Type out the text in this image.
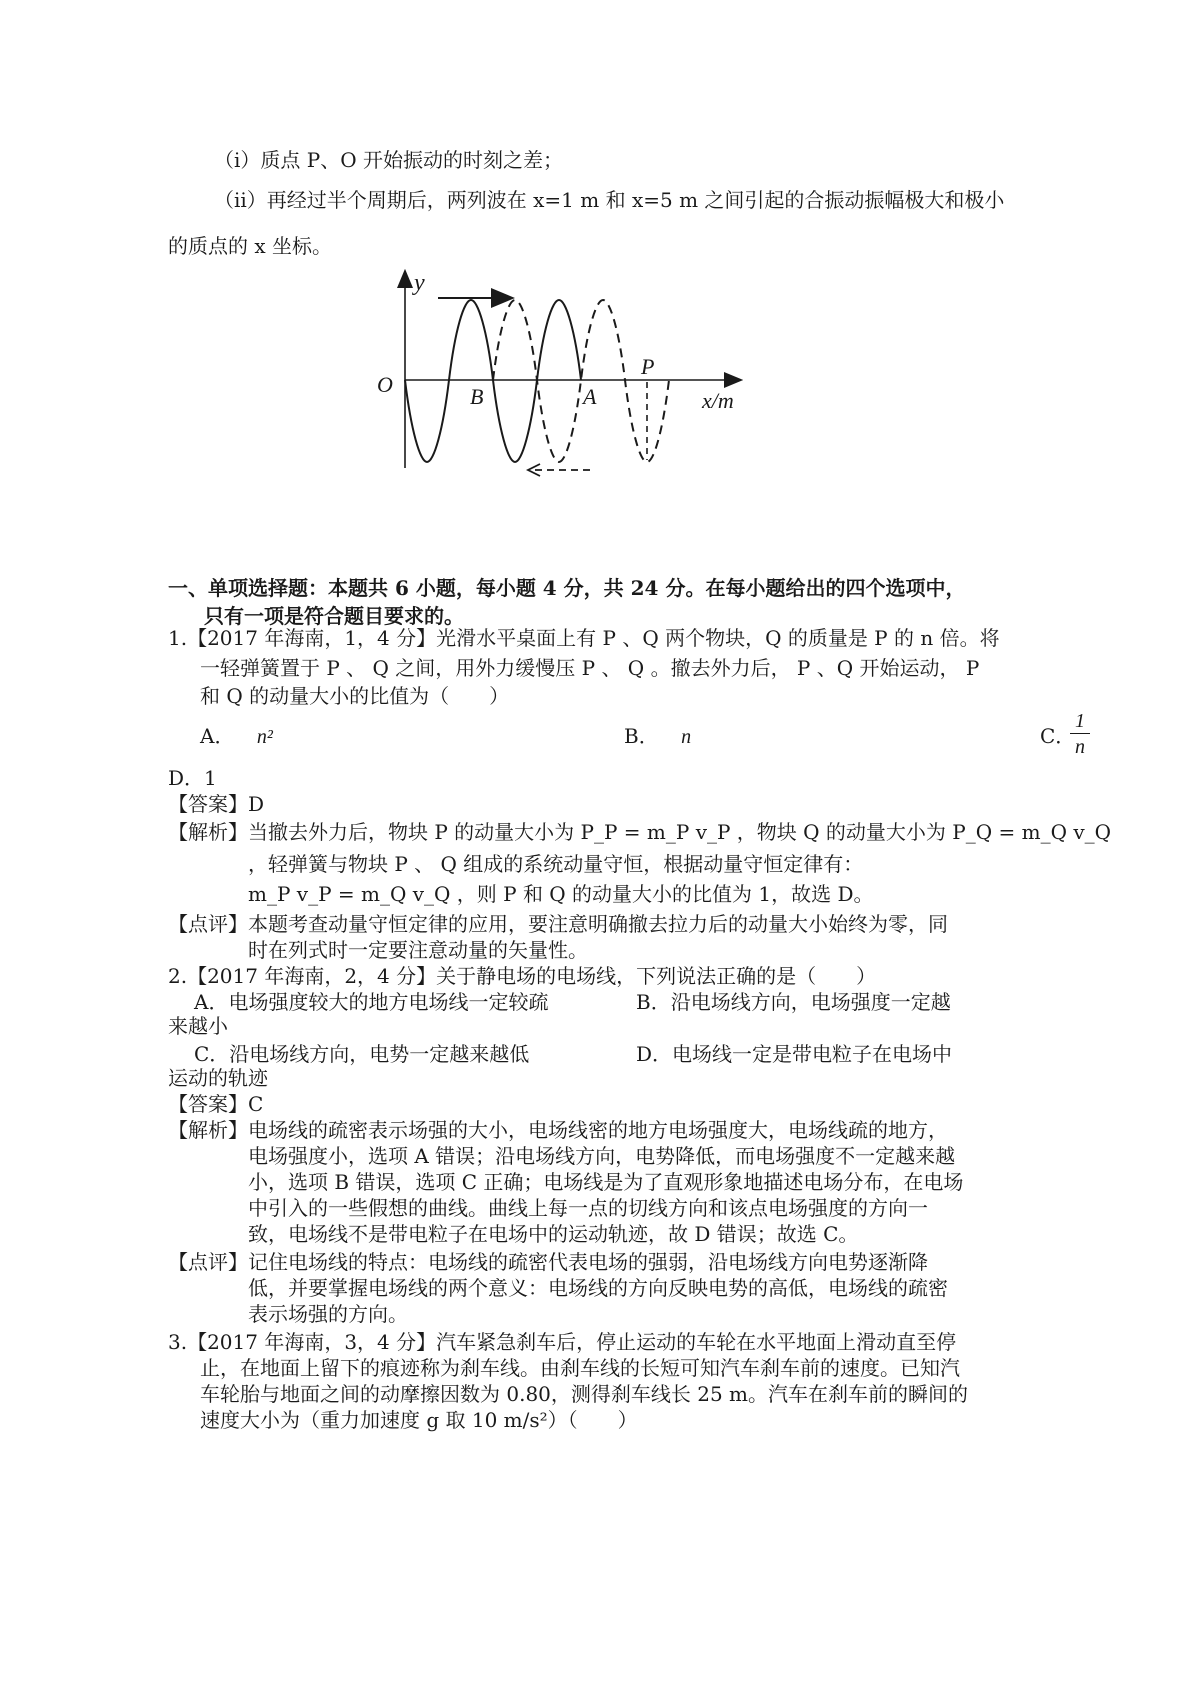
（i）质点 P、O 开始振动的时刻之差；
（ii）再经过半个周期后，两列波在 x=1 m 和 x=5 m 之间引起的合振动振幅极大和极小
的质点的 x 坐标。
y
O
x/m
B	A
P
一、单项选择题：本题共 6 小题，每小题 4 分，共 24 分。在每小题给出的四个选项中，
只有一项是符合题目要求的。
1.【2017 年海南，1，4 分】光滑水平桌面上有 P 、Q 两个物块，Q 的质量是 P 的 n 倍。将
一轻弹簧置于 P 、 Q 之间，用外力缓慢压 P 、 Q 。撤去外力后， P 、Q 开始运动， P
和 Q 的动量大小的比值为（　　）
A． n²	B． n	C．
1
n
D．1
【答案】D
【解析】 当撤去外力后，物块 P 的动量大小为 P_P = m_P v_P ，物块 Q 的动量大小为 P_Q = m_Q v_Q
，轻弹簧与物块 P 、 Q 组成的系统动量守恒，根据动量守恒定律有：
m_P v_P = m_Q v_Q ，则 P 和 Q 的动量大小的比值为 1，故选 D。
【点评】 本题考查动量守恒定律的应用，要注意明确撤去拉力后的动量大小始终为零，同
时在列式时一定要注意动量的矢量性。
2.【2017 年海南，2，4 分】关于静电场的电场线，下列说法正确的是（　　）
A．电场强度较大的地方电场线一定较疏	B．沿电场线方向，电场强度一定越
来越小
C．沿电场线方向，电势一定越来越低	D．电场线一定是带电粒子在电场中
运动的轨迹
【答案】C
【解析】 电场线的疏密表示场强的大小，电场线密的地方电场强度大，电场线疏的地方，
电场强度小，选项 A 错误；沿电场线方向，电势降低，而电场强度不一定越来越
小，选项 B 错误，选项 C 正确；电场线是为了直观形象地描述电场分布，在电场
中引入的一些假想的曲线。曲线上每一点的切线方向和该点电场强度的方向一
致，电场线不是带电粒子在电场中的运动轨迹，故 D 错误；故选 C。
【点评】 记住电场线的特点：电场线的疏密代表电场的强弱，沿电场线方向电势逐渐降
低，并要掌握电场线的两个意义：电场线的方向反映电势的高低，电场线的疏密
表示场强的方向。
3.【2017 年海南，3，4 分】汽车紧急刹车后，停止运动的车轮在水平地面上滑动直至停
止，在地面上留下的痕迹称为刹车线。由刹车线的长短可知汽车刹车前的速度。已知汽
车轮胎与地面之间的动摩擦因数为 0.80，测得刹车线长 25 m。汽车在刹车前的瞬间的
速度大小为（重力加速度 g 取 10 m/s²）（　　）
